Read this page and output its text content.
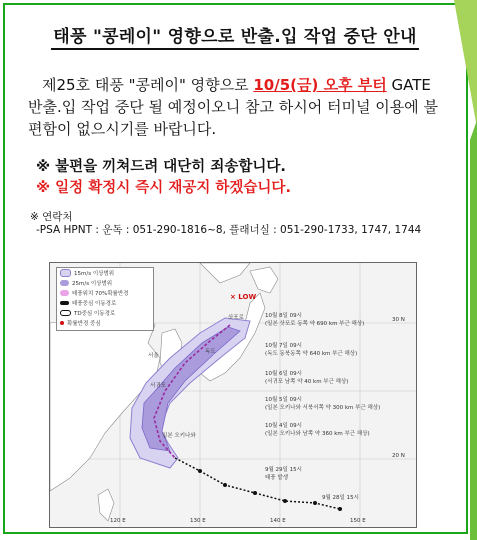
태풍 "콩레이" 영향으로 반출.입 작업 중단 안내
제25호 태풍 "콩레이" 영향으로 10/5(금) 오후 부터 GATE 반출.입 작업 중단 될 예정이오니 참고 하시어 터미널 이용에 불편함이 없으시기를 바랍니다.
※ 불편을 끼쳐드려 대단히 죄송합니다.
※ 일정 확정시 즉시 재공지 하겠습니다.
※ 연락처
-PSA HPNT : 운독 : 051-290-1816~8, 플래너실 : 051-290-1733, 1747, 1744
15m/s 이상범위
25m/s 이상범위
태풍위치 70%확률반경
태풍중심 이동경로
TD중심 이동경로
확률반경 중심
× LOW
10월 8일 09시
(일본 삿포로 동쪽 약 690 km 부근 해상)
10월 7일 09시
(독도 동북동쪽 약 640 km 부근 해상)
10월 6일 09시
(서귀포 남쪽 약 40 km 부근 해상)
10월 5일 09시
(일본 오키나와 서북서쪽 약 300 km 부근 해상)
10월 4일 09시
(일본 오키나와 남쪽 약 360 km 부근 해상)
9월 29일 15시
태풍 발생
9월 28일 15시
서울
독도
서귀포
삿포로
일본 오키나와
30 N
20 N
120 E	130 E	140 E	150 E
